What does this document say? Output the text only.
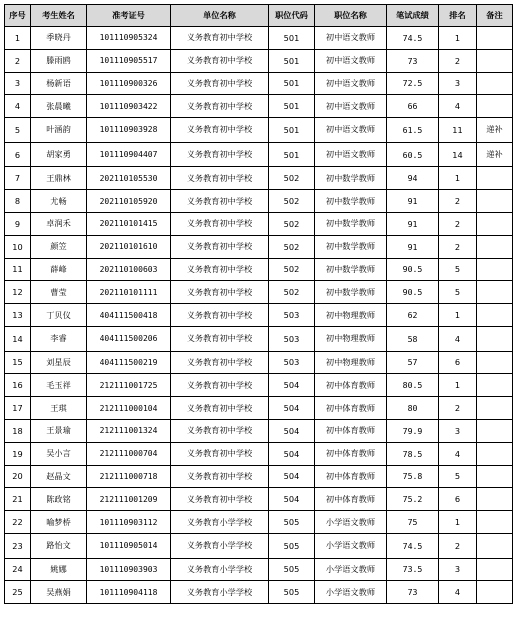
序号	考生姓名	准考证号	单位名称	职位代码	职位名称	笔试成绩	排名	备注
1	季晓丹	101110905324	义务教育初中学校	501	初中语文教师	74.5	1	
2	滕雨鸥	101110905517	义务教育初中学校	501	初中语文教师	73	2	
3	杨新语	101110900326	义务教育初中学校	501	初中语文教师	72.5	3	
4	张晨曦	101110903422	义务教育初中学校	501	初中语文教师	66	4	
5	叶涵韵	101110903928	义务教育初中学校	501	初中语文教师	61.5	11	递补
6	胡家勇	101110904407	义务教育初中学校	501	初中语文教师	60.5	14	递补
7	王鼎林	202110105530	义务教育初中学校	502	初中数学教师	94	1	
8	尤畅	202110105920	义务教育初中学校	502	初中数学教师	91	2	
9	卓润禾	202110101415	义务教育初中学校	502	初中数学教师	91	2	
10	颜笠	202110101610	义务教育初中学校	502	初中数学教师	91	2	
11	薛峰	202110100603	义务教育初中学校	502	初中数学教师	90.5	5	
12	曹莹	202110101111	义务教育初中学校	502	初中数学教师	90.5	5	
13	丁贝仪	404111500418	义务教育初中学校	503	初中物理教师	62	1	
14	李睿	404111500206	义务教育初中学校	503	初中物理教师	58	4	
15	刘星辰	404111500219	义务教育初中学校	503	初中物理教师	57	6	
16	毛玉祥	212111001725	义务教育初中学校	504	初中体育教师	80.5	1	
17	王琪	212111000104	义务教育初中学校	504	初中体育教师	80	2	
18	王景瑜	212111001324	义务教育初中学校	504	初中体育教师	79.9	3	
19	吴小言	212111000704	义务教育初中学校	504	初中体育教师	78.5	4	
20	赵晶文	212111000718	义务教育初中学校	504	初中体育教师	75.8	5	
21	陈政铭	212111001209	义务教育初中学校	504	初中体育教师	75.2	6	
22	喻梦桥	101110903112	义务教育小学学校	505	小学语文教师	75	1	
23	路怡文	101110905014	义务教育小学学校	505	小学语文教师	74.5	2	
24	姚娜	101110903903	义务教育小学学校	505	小学语文教师	73.5	3	
25	吴燕娟	101110904118	义务教育小学学校	505	小学语文教师	73	4	
